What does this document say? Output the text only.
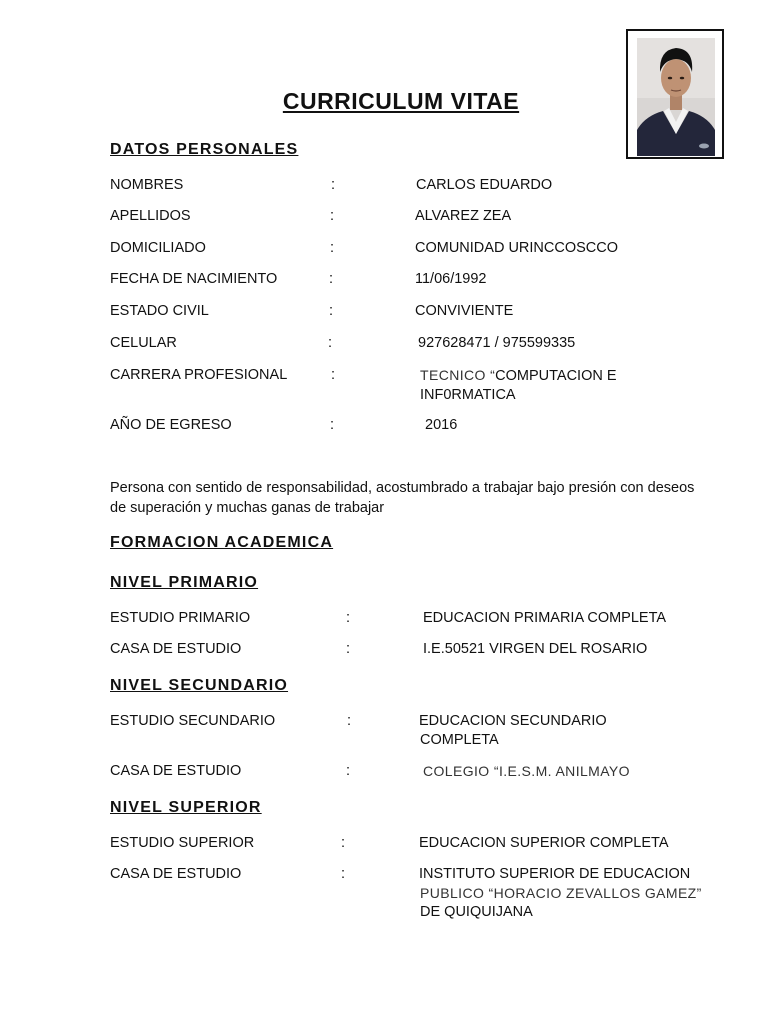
CURRICULUM VITAE
DATOS PERSONALES
NOMBRES	:	CARLOS EDUARDO
APELLIDOS	:	ALVAREZ ZEA
DOMICILIADO	:	COMUNIDAD URINCCOSCCO
FECHA DE NACIMIENTO	:	11/06/1992
ESTADO CIVIL	:	CONVIVIENTE
CELULAR	:	927628471 / 975599335
CARRERA PROFESIONAL	:	TECNICO “COMPUTACION E
INF0RMATICA
AÑO DE EGRESO	:	2016
Persona con sentido de responsabilidad, acostumbrado a trabajar bajo presión con deseos de superación y muchas ganas de trabajar
FORMACION ACADEMICA
NIVEL PRIMARIO
ESTUDIO PRIMARIO	:	EDUCACION PRIMARIA COMPLETA
CASA DE ESTUDIO	:	I.E.50521 VIRGEN DEL ROSARIO
NIVEL SECUNDARIO
ESTUDIO SECUNDARIO	:	EDUCACION SECUNDARIO
COMPLETA
CASA DE ESTUDIO	:	COLEGIO “I.E.S.M. ANILMAYO
NIVEL SUPERIOR
ESTUDIO SUPERIOR	:	EDUCACION SUPERIOR COMPLETA
CASA DE ESTUDIO	:	INSTITUTO SUPERIOR DE EDUCACION
PUBLICO “HORACIO ZEVALLOS GAMEZ”
DE QUIQUIJANA
